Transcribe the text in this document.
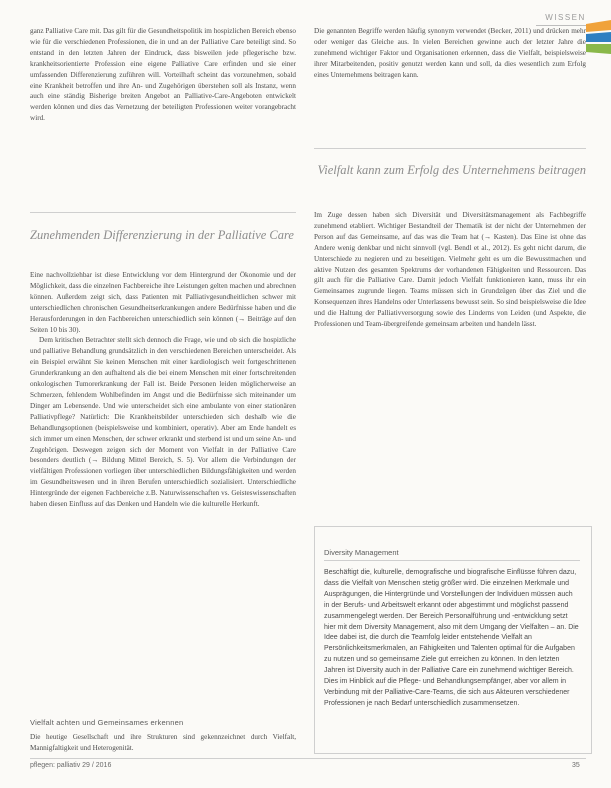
WISSEN

ganz Palliative Care mit. Das gilt für die Gesundheitspolitik im hospizlichen Bereich ebenso wie für die verschiedenen Professionen, die in und an der Palliative Care beteiligt sind. So entstand in den letzten Jahren der Eindruck, dass bisweilen jede pflegerische bzw. krankheitsorientierte Profession eine eigene Palliative Care erfinden und sie einer umfassenden Differenzierung zuführen will. Vorteilhaft scheint das vorzunehmen, sobald eine Krankheit betroffen und ihre An- und Zugehörigen überstehen soll als Instanz, wenn auch eine ständig Bisherige breiten Angebot an Palliative-Care-Angeboten entwickelt werden können und dies das Vernetzung der beteiligten Professionen weiter vorangebracht wird.

Zunehmenden Differenzierung in der Palliative Care

Eine nachvollziehbar ist diese Entwicklung vor dem Hintergrund der Ökonomie und der Möglichkeit, dass die einzelnen Fachbereiche ihre Leistungen gelten machen und abrechnen können. Außerdem zeigt sich, dass Patienten mit Palliativgesundheitlichen schwer mit unterschiedlichen chronischen Gesundheitserkrankungen andere Bedürfnisse haben und die Herausforderungen in den Fachbereichen unterschiedlich sein können (→ Beiträge auf den Seiten 10 bis 30).

Dem kritischen Betrachter stellt sich dennoch die Frage, wie und ob sich die hospizliche und palliative Behandlung grundsätzlich in den verschiedenen Bereichen unterscheidet. Als ein Beispiel erwähnt Sie keinen Menschen mit einer kardiologisch weit fortgeschrittenen Grunderkrankung an den aufhaltend als die bei einem Menschen mit einer fortschreitenden onkologischen Tumorerkrankung der Fall ist. Beide Personen leiden möglicherweise an Schmerzen, fehlendem Wohlbefinden im Angst und die Bedürfnisse sich miteinander um Dinger am Lebensende. Und wie unterscheidet sich eine ambulante von einer stationären Palliativpflege? Natürlich: Die Krankheitsbilder unterschieden sich deshalb wie die Behandlungsoptionen (beispielsweise und kombiniert, operativ). Aber am Ende handelt es sich immer um einen Menschen, der schwer erkrankt und sterbend ist und um seine An- und Zugehörigen. Deswegen zeigen sich der Moment von Vielfalt in der Palliative Care besonders deutlich (→ Bildung Mittel Bereich, S. 5). Vor allem die Verbindungen der vielfältigen Professionen vorliegen über unterschiedlichen Bildungsfähigkeiten und werden im Gesundheitswesen und in ihren Berufen unterschiedlich sozialisiert. Unterschiedliche Hintergründe der eigenen Fachbereiche z.B. Naturwissenschaften vs. Geisteswissenschaften haben diesen Einfluss auf das Denken und Handeln wie die kulturelle Herkunft.

Vielfalt achten und Gemeinsames erkennen

Die heutige Gesellschaft und ihre Strukturen sind gekennzeichnet durch Vielfalt, Mannigfaltigkeit und Heterogenität.

Die genannten Begriffe werden häufig synonym verwendet (Becker, 2011) und drücken mehr oder weniger das Gleiche aus. In vielen Bereichen gewinne auch der letzter Jahre die zunehmend wichtiger Faktor und Organisationen erkennen, dass die Vielfalt, beispielsweise ihrer Mitarbeitenden, positiv genutzt werden kann und soll, da dies wesentlich zum Erfolg eines Unternehmens beitragen kann.

Vielfalt kann zum Erfolg des Unternehmens beitragen

Im Zuge dessen haben sich Diversität und Diversitätsmanagement als Fachbegriffe zunehmend etabliert. Wichtiger Bestandteil der Thematik ist der nicht der Unternehmen der Person auf das Gemeinsame, auf das was die Team hat (→ Kasten). Das Eine ist ohne das Andere wenig denkbar und nicht sinnvoll (vgl. Bendl et al., 2012). Es geht nicht darum, die Unterschiede zu negieren und zu beseitigen. Vielmehr geht es um die Bewusstmachen und aktive Nutzen des gesamten Spektrums der vorhandenen Fähigkeiten und Ressourcen. Das gilt auch für die Palliative Care. Damit jedoch Vielfalt funktionieren kann, muss ihr ein Gemeinsames zugrunde liegen. Teams müssen sich in Grundzügen über das Ziel und die Konsequenzen ihres Handelns oder Unterlassens bewusst sein. So sind beispielsweise die Idee und die Haltung der Palliativversorgung sowie des Linderns von Leiden (und Aspekte, die Professionen und Team-übergreifende gemeinsam arbeiten und handeln lässt.

Diversity Management
Beschäftigt die, kulturelle, demografische und biografische Einflüsse führen dazu, dass die Vielfalt von Menschen stetig größer wird. Die einzelnen Merkmale und Ausprägungen, die Hintergründe und Vorstellungen der Individuen müssen auch in der Berufs- und Arbeitswelt erkannt oder abgestimmt und möglichst passend zusammengelegt werden. Der Bereich Personalführung und -entwicklung setzt hier mit dem Diversity Management, also mit dem Umgang der Vielfalten – an. Die Idee dabei ist, die durch die Teamfolg leider entstehende Vielfalt an Persönlichkeitsmerkmalen, an Fähigkeiten und Talenten optimal für die Aufgaben zu nutzen und so gemeinsame Ziele gut erreichen zu können. In den letzten Jahren ist Diversity auch in der Palliative Care ein zunehmend wichtiger Bereich. Dies im Hinblick auf die Pflege- und Behandlungsempfänger, aber vor allem in Verbindung mit der Palliative-Care-Teams, die sich aus Akteuren verschiedener Professionen je nach Bedarf unterschiedlich zusammensetzen.
pflegen: palliativ 29 / 2016	35
